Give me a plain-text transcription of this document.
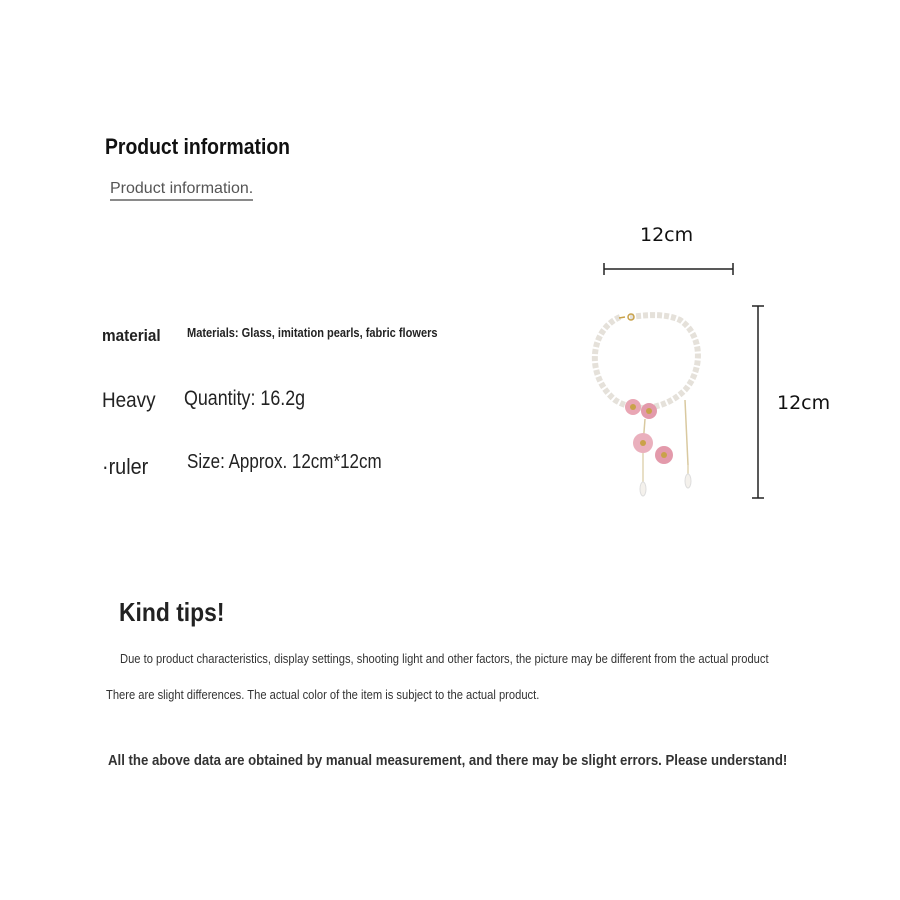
Product information
Product information.
material Materials: Glass, imitation pearls, fabric flowers
Heavy Quantity: 16.2g
·ruler Size: Approx. 12cm*12cm
12cm
12cm
Kind tips!
Due to product characteristics, display settings, shooting light and other factors, the picture may be different from the actual product
There are slight differences. The actual color of the item is subject to the actual product.
All the above data are obtained by manual measurement, and there may be slight errors. Please understand!
